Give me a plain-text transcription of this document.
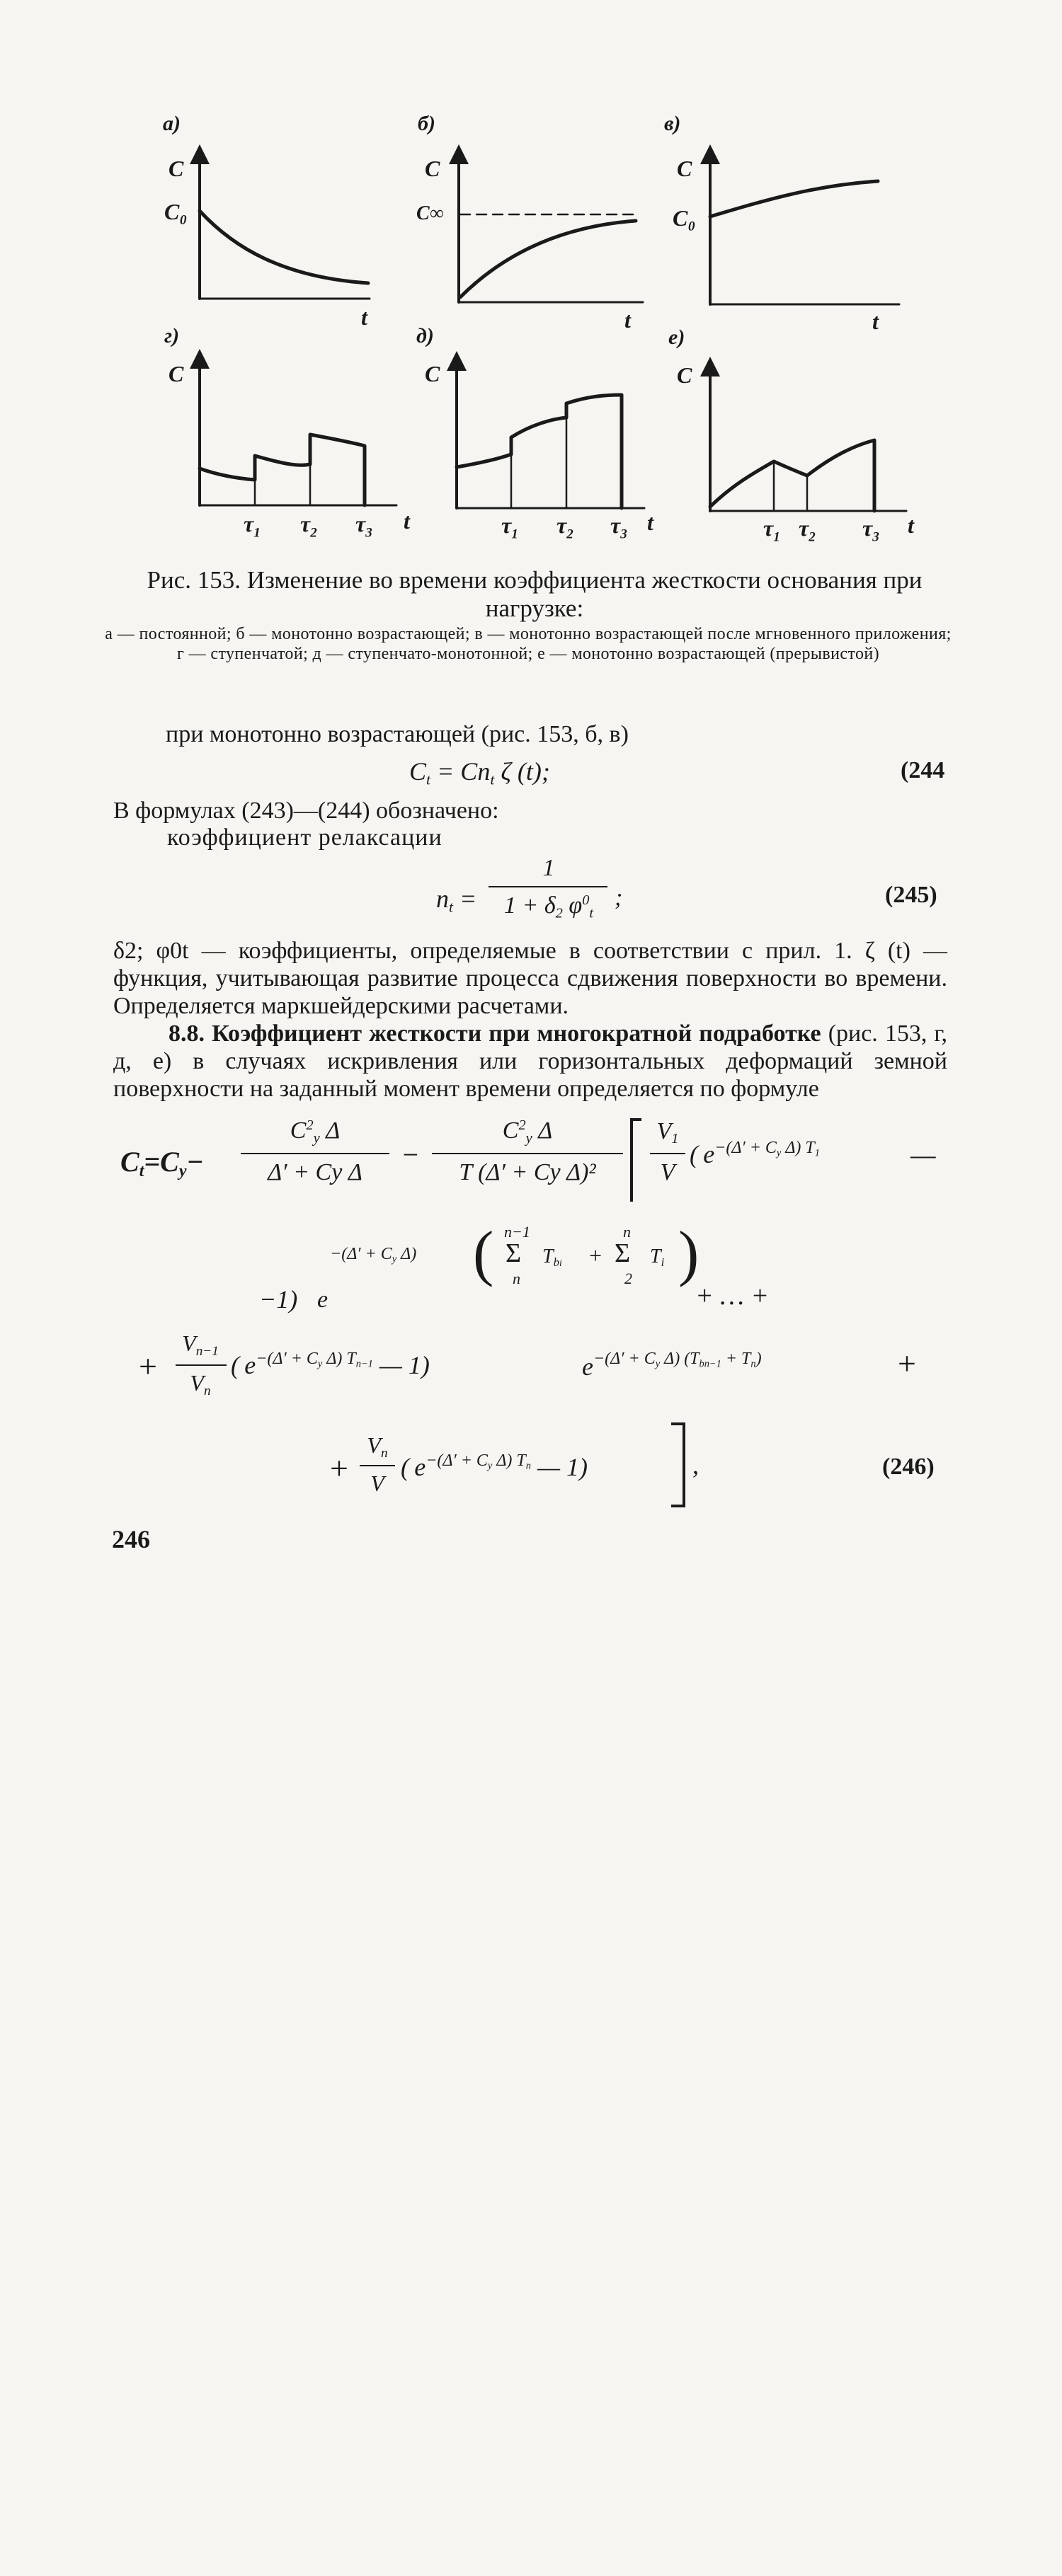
а)	б)	в)
г)	д)	е)
C	C	C
C	C	C
C₀	C∞	C₀
t	t	t
t	t	t
$\tau_1$ $\tau_2$ $\tau_3$	$\tau_1$ $\tau_2$ $\tau_3$	$\tau_1$ $\tau_2$ $\tau_3$
Рис. 153. Изменение во времени коэффициента жесткости основания при нагрузке:
а — постоянной; б — монотонно возрастающей; в — монотонно возрастающей после мгновенного приложения; г — ступенчатой; д — ступенчато-монотонной; е — монотонно возрастающей (прерывистой)
при монотонно возрастающей (рис. 153, б, в)
$C_t = Cn_t$ ζ (t);	(244
В формулах (243)—(244) обозначено:
коэффициент релаксации
$n_t$ =
1
$1 + \delta_2$ $\varphi^0_t$
;	(245)
δ2; φ0t — коэффициенты, определяемые в соответствии с прил. 1. ζ (t) — функция, учитывающая развитие процесса сдвижения поверхности во времени. Определяется маркшейдерскими расчетами.
8.8. Коэффициент жесткости при многократной подработке (рис. 153, г, д, е) в случаях искривления или горизонтальных деформаций земной поверхности на заданный момент времени определяется по формуле
$C_t=C_у-$
$C^2_у$ Δ
Δ′ + Cу Δ
−
$C^2_у$ Δ
T (Δ′ + Cу Δ)²
$V_1$
V
( $e^{-(\Delta' + C_у \Delta) T_1}$	—
−1) e
$-(\Delta' + C_у$ Δ) ( n−1
Σ
n
$T_{bi}$ +
n
Σ
2
$T_i$ )
+ … +
+
$V_{n-1}$
$V_n$
( $e^{-(\Delta' + C_у \Delta) T_{n-1}}$ — 1)	$e^{-(\Delta' + C_у \Delta) (T_{bn-1} + T_n)}$	+
+
$V_n$
V
( $e^{-(\Delta' + C_у \Delta) T_n}$ — 1)	,	(246)
246
